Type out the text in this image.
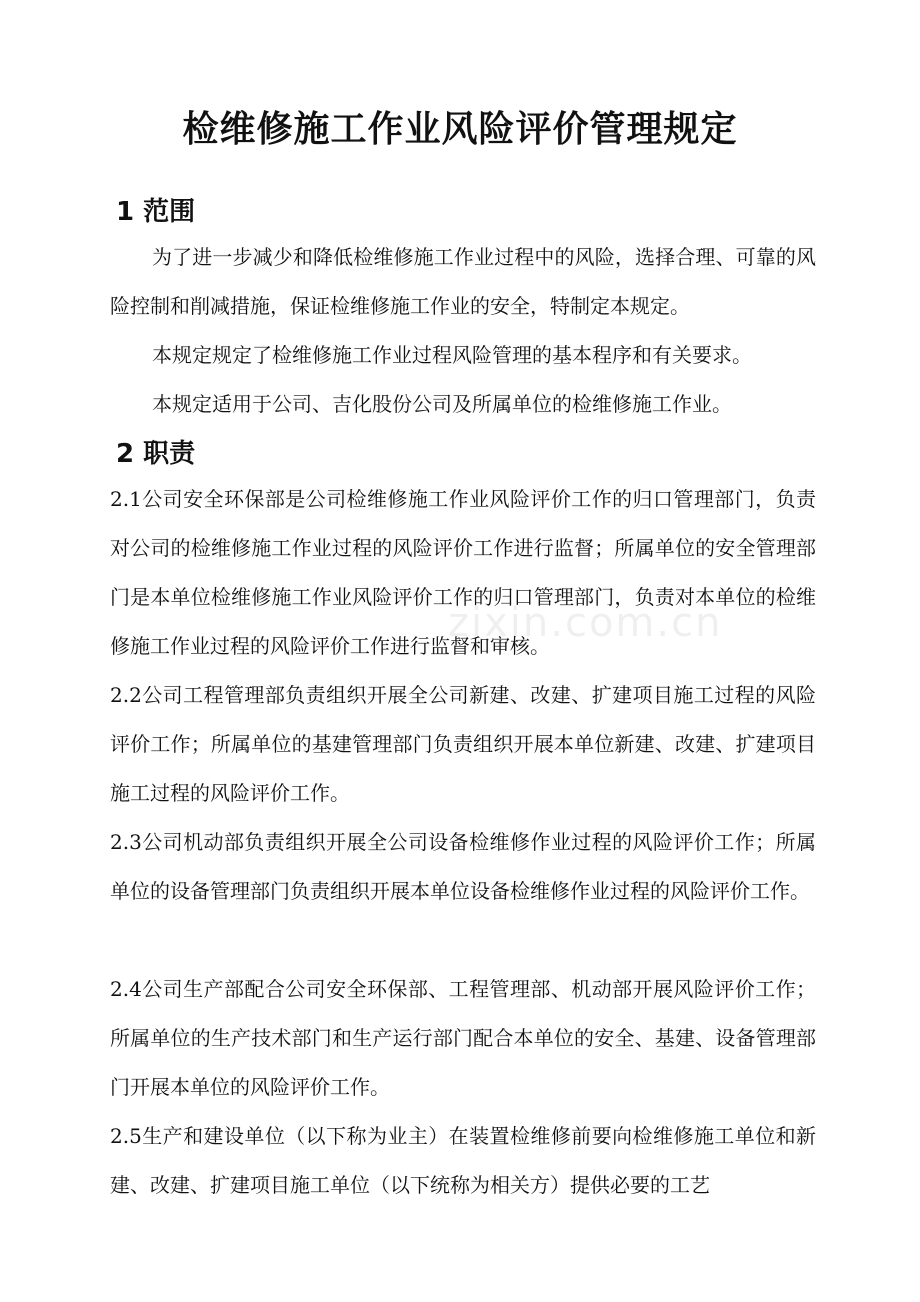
zixin.com.cn
检维修施工作业风险评价管理规定
1 范围

为了进一步减少和降低检维修施工作业过程中的风险，选择合理、可靠的风险控制和削减措施，保证检维修施工作业的安全，特制定本规定。

本规定规定了检维修施工作业过程风险管理的基本程序和有关要求。

本规定适用于公司、吉化股份公司及所属单位的检维修施工作业。

2 职责

2.1公司安全环保部是公司检维修施工作业风险评价工作的归口管理部门，负责对公司的检维修施工作业过程的风险评价工作进行监督；所属单位的安全管理部门是本单位检维修施工作业风险评价工作的归口管理部门，负责对本单位的检维修施工作业过程的风险评价工作进行监督和审核。

2.2公司工程管理部负责组织开展全公司新建、改建、扩建项目施工过程的风险评价工作；所属单位的基建管理部门负责组织开展本单位新建、改建、扩建项目施工过程的风险评价工作。

2.3公司机动部负责组织开展全公司设备检维修作业过程的风险评价工作；所属单位的设备管理部门负责组织开展本单位设备检维修作业过程的风险评价工作。

2.4公司生产部配合公司安全环保部、工程管理部、机动部开展风险评价工作；所属单位的生产技术部门和生产运行部门配合本单位的安全、基建、设备管理部门开展本单位的风险评价工作。

2.5生产和建设单位（以下称为业主）在装置检维修前要向检维修施工单位和新建、改建、扩建项目施工单位（以下统称为相关方）提供必要的工艺
